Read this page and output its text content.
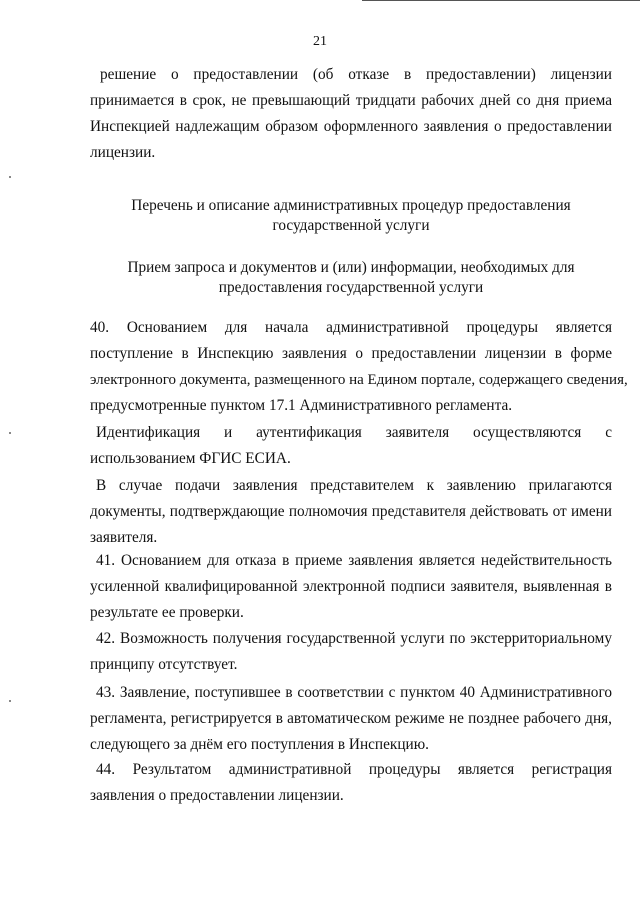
21
решение о предоставлении (об отказе в предоставлении) лицензии
принимается в срок, не превышающий тридцати рабочих дней со дня приема
Инспекцией надлежащим образом оформленного заявления о предоставлении
лицензии.
Перечень и описание административных процедур предоставления
государственной услуги
Прием запроса и документов и (или) информации, необходимых для
предоставления государственной услуги
40. Основанием для начала административной процедуры является
поступление в Инспекцию заявления о предоставлении лицензии в форме
электронного документа, размещенного на Едином портале, содержащего сведения,
предусмотренные пунктом 17.1 Административного регламента.
Идентификация и аутентификация заявителя осуществляются с
использованием ФГИС ЕСИА.
В случае подачи заявления представителем к заявлению прилагаются
документы, подтверждающие полномочия представителя действовать от имени
заявителя.
41. Основанием для отказа в приеме заявления является недействительность
усиленной квалифицированной электронной подписи заявителя, выявленная в
результате ее проверки.
42. Возможность получения государственной услуги по экстерриториальному
принципу отсутствует.
43. Заявление, поступившее в соответствии с пунктом 40 Административного
регламента, регистрируется в автоматическом режиме не позднее рабочего дня,
следующего за днём его поступления в Инспекцию.
44. Результатом административной процедуры является регистрация
заявления о предоставлении лицензии.
